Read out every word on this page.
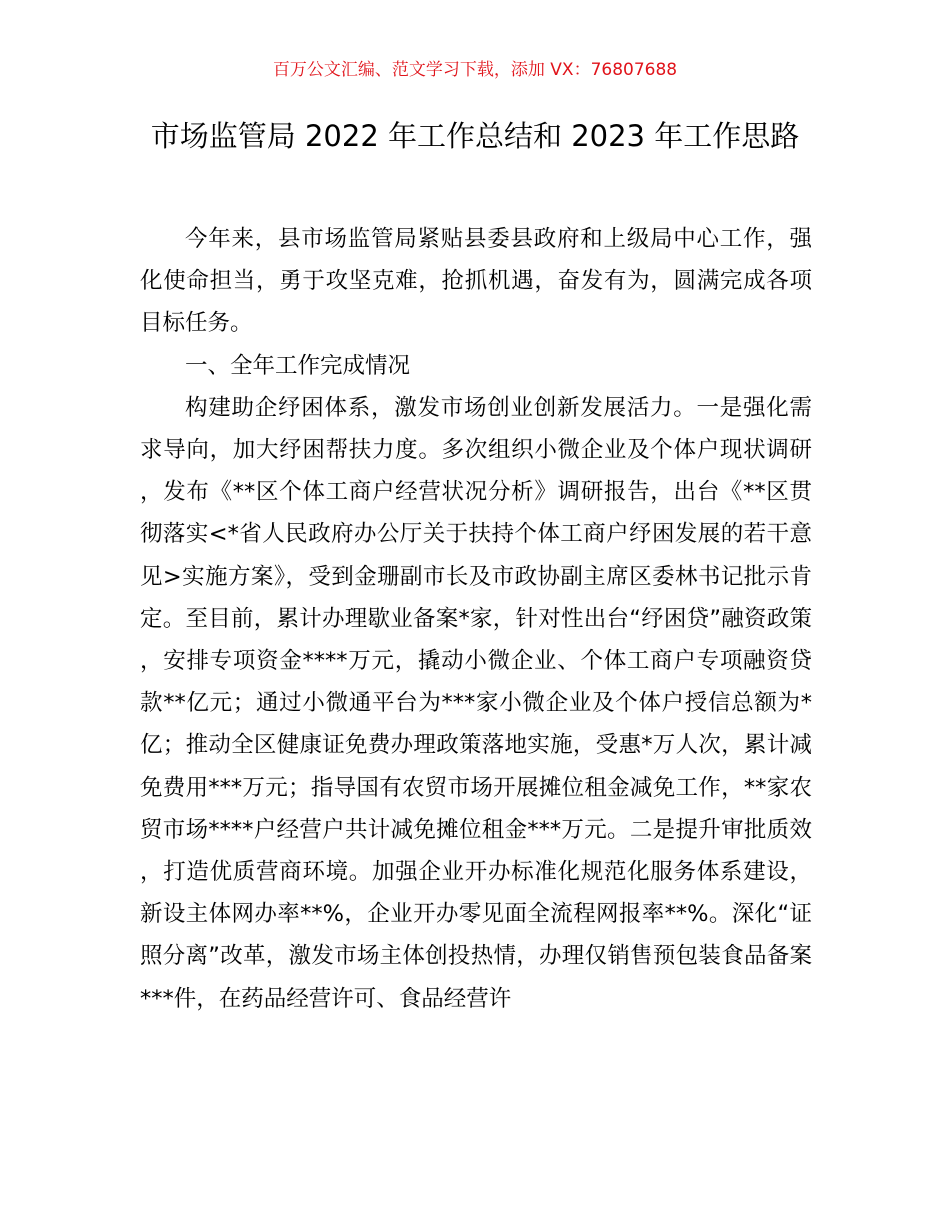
百万公文汇编、范文学习下载，添加 VX：76807688
市场监管局 2022 年工作总结和 2023 年工作思路

今年来，县市场监管局紧贴县委县政府和上级局中心工作，强化使命担当，勇于攻坚克难，抢抓机遇，奋发有为，圆满完成各项目标任务。

一、全年工作完成情况

构建助企纾困体系，激发市场创业创新发展活力。一是强化需求导向，加大纾困帮扶力度。多次组织小微企业及个体户现状调研，发布《**区个体工商户经营状况分析》调研报告，出台《**区贯彻落实<*省人民政府办公厅关于扶持个体工商户纾困发展的若干意见>实施方案》，受到金珊副市长及市政协副主席区委林书记批示肯定。至目前，累计办理歇业备案*家，针对性出台“纾困贷”融资政策，安排专项资金****万元，撬动小微企业、个体工商户专项融资贷款**亿元；通过小微通平台为***家小微企业及个体户授信总额为*亿；推动全区健康证免费办理政策落地实施，受惠*万人次，累计减免费用***万元；指导国有农贸市场开展摊位租金减免工作，**家农贸市场****户经营户共计减免摊位租金***万元。二是提升审批质效，打造优质营商环境。加强企业开办标准化规范化服务体系建设，新设主体网办率**%，企业开办零见面全流程网报率**%。深化“证照分离”改革，激发市场主体创投热情，办理仅销售预包装食品备案***件，在药品经营许可、食品经营许
